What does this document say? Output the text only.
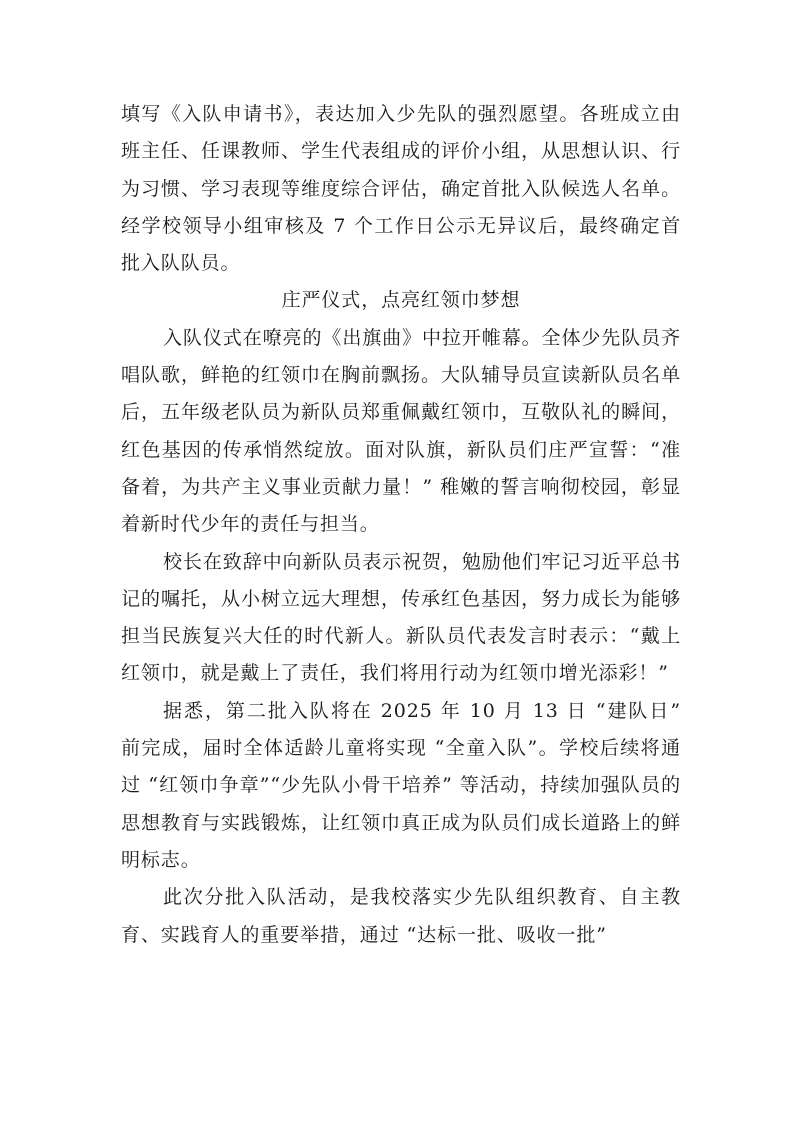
填写《入队申请书》，表达加入少先队的强烈愿望。各班成立由班主任、任课教师、学生代表组成的评价小组，从思想认识、行为习惯、学习表现等维度综合评估，确定首批入队候选人名单。经学校领导小组审核及 7 个工作日公示无异议后，最终确定首批入队队员。

庄严仪式，点亮红领巾梦想

入队仪式在嘹亮的《出旗曲》中拉开帷幕。全体少先队员齐唱队歌，鲜艳的红领巾在胸前飘扬。大队辅导员宣读新队员名单后，五年级老队员为新队员郑重佩戴红领巾，互敬队礼的瞬间，红色基因的传承悄然绽放。面对队旗，新队员们庄严宣誓：“准备着，为共产主义事业贡献力量！” 稚嫩的誓言响彻校园，彰显着新时代少年的责任与担当。

校长在致辞中向新队员表示祝贺，勉励他们牢记习近平总书记的嘱托，从小树立远大理想，传承红色基因，努力成长为能够担当民族复兴大任的时代新人。新队员代表发言时表示：“戴上红领巾，就是戴上了责任，我们将用行动为红领巾增光添彩！”

据悉，第二批入队将在 2025 年 10 月 13 日 “建队日” 前完成，届时全体适龄儿童将实现 “全童入队”。学校后续将通过 “红领巾争章”“少先队小骨干培养” 等活动，持续加强队员的思想教育与实践锻炼，让红领巾真正成为队员们成长道路上的鲜明标志。

此次分批入队活动，是我校落实少先队组织教育、自主教育、实践育人的重要举措，通过 “达标一批、吸收一批”
